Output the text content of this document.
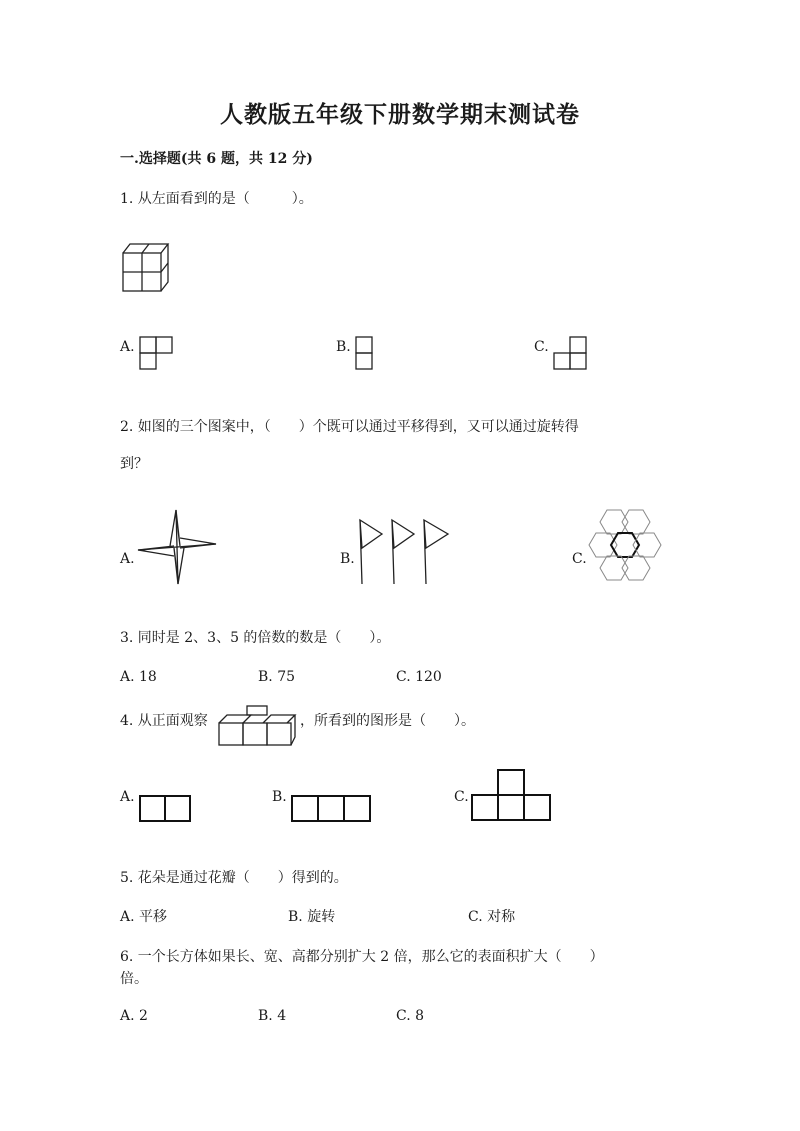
人教版五年级下册数学期末测试卷
一.选择题(共 6 题，共 12 分)
1. 从左面看到的是（　　　）。
A.	B.	C.
2. 如图的三个图案中，（　　）个既可以通过平移得到，又可以通过旋转得
到？
A.	B.	C.
3. 同时是 2、3、5 的倍数的数是（　　）。
A. 18	B. 75	C. 120
4. 从正面观察	，所看到的图形是（　　）。
A.	B.	C.
5. 花朵是通过花瓣（　　）得到的。
A. 平移	B. 旋转	C. 对称
6. 一个长方体如果长、宽、高都分别扩大 2 倍，那么它的表面积扩大（　　）
倍。
A. 2	B. 4	C. 8
